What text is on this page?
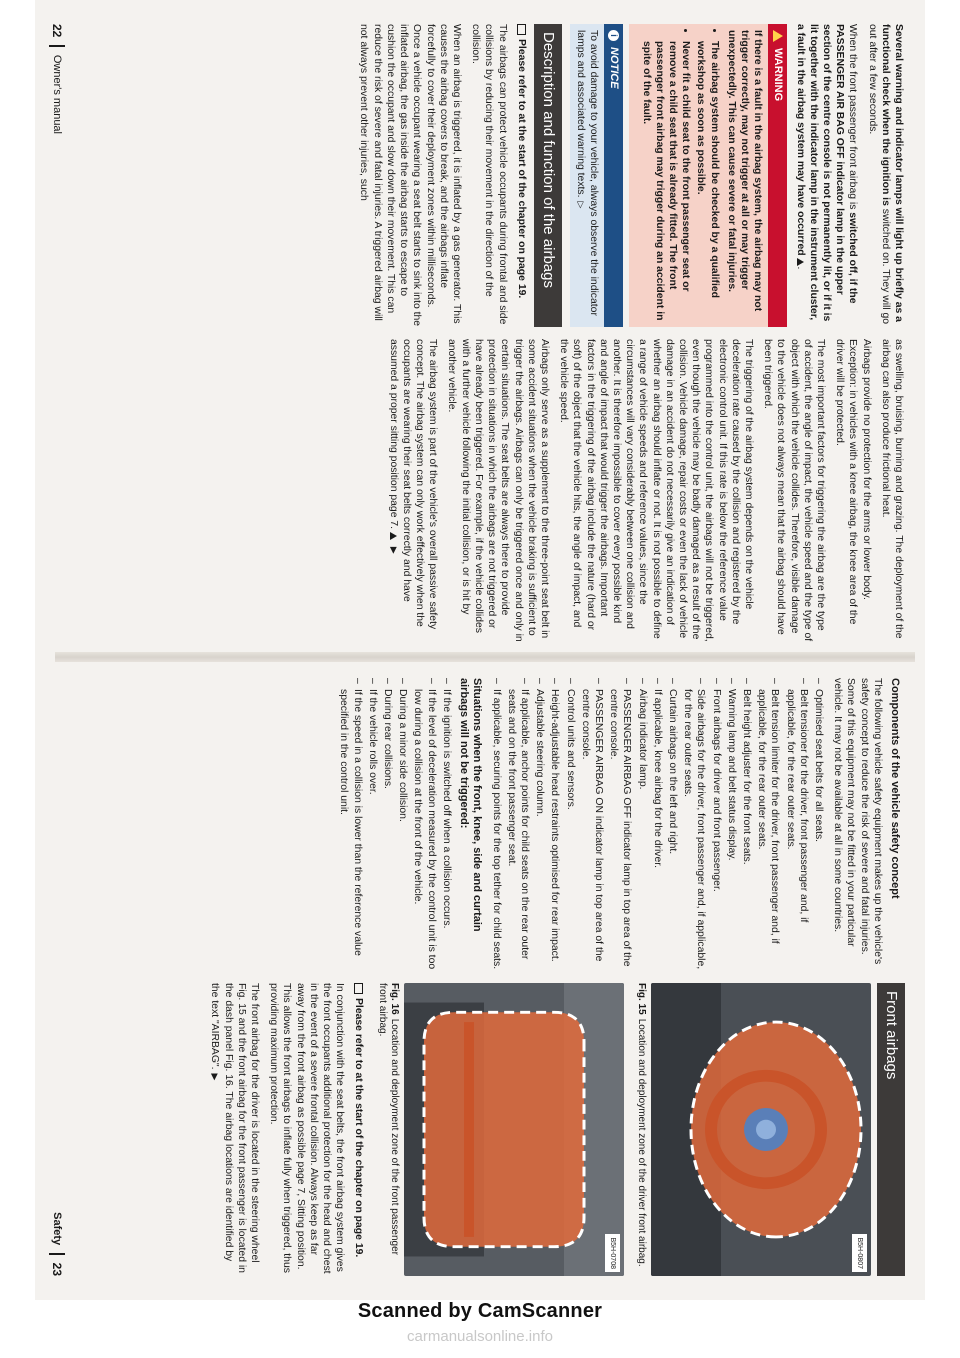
Several warning and indicator lamps will light up briefly as a functional check when the ignition is switched on. They will go out after a few seconds.

When the front passenger front airbag is switched off, if the PASSENGER AIR BAG OFF indicator lamp in the upper section of the centre console is not permanently lit, or if it is lit together with the indicator lamp in the instrument cluster, a fault in the airbag system may have occurred .

WARNING

If there is a fault in the airbag system, the airbag may not trigger correctly, may not trigger at all or may trigger unexpectedly. This can cause severe or fatal injuries.

• The airbag system should be checked by a qualified workshop as soon as possible.
• Never fit a child seat to the front passenger seat or remove a child seat that is already fitted. The front passenger front airbag may trigger during an accident in spite of the fault.
i
NOTICE

To avoid damage to your vehicle, always observe the indicator lamps and associated warning texts.▷

Description and function of the airbags

Please refer to at the start of the chapter on page 19.

The airbags can protect vehicle occupants during frontal and side collisions by reducing their movement in the direction of the collision.

When an airbag is triggered, it is inflated by a gas generator. This causes the airbag covers to break, and the airbags inflate forcefully to cover their deployment zones within milliseconds. Once a vehicle occupant wearing a seat belt starts to sink into the inflated airbag, the gas inside the airbag starts to escape to cushion the occupant and slow down their movement. This can reduce the risk of severe and fatal injuries. A triggered airbag will not always prevent other injuries, such

as swelling, bruising, burning and grazing. The deployment of the airbag can also produce frictional heat.

Airbags provide no protection for the arms or lower body. Exception: in vehicles with a knee airbag, the knee area of the driver will be protected.

The most important factors for triggering the airbag are the type of accident, the angle of impact, the vehicle speed and the type of object with which the vehicle collides. Therefore, visible damage to the vehicle does not always mean that the airbag should have been triggered.

The triggering of the airbag system depends on the vehicle deceleration rate caused by the collision and registered by the electronic control unit. If this rate is below the reference value programmed into the control unit, the airbags will not be triggered, even though the vehicle may be badly damaged as a result of the collision. Vehicle damage, repair costs or even the lack of vehicle damage in an accident do not necessarily give an indication of whether an airbag should inflate or not. It is not possible to define a range of vehicle speeds and reference values, since the circumstances will vary considerably between one collision and another. It is therefore impossible to cover every possible kind and angle of impact that would trigger the airbags. Important factors in the triggering of the airbag include the nature (hard or soft) of the object that the vehicle hits, the angle of impact, and the vehicle speed.

Airbags only serve as a supplement to the three-point seat belt in some accident situations when the vehicle braking is sufficient to trigger the airbags. Airbags can only be triggered once and only in certain situations. The seat belts are always there to provide protection in situations in which the airbags are not triggered or have already been triggered. For example, if the vehicle collides with a further vehicle following the initial collision, or is hit by another vehicle.

The airbag system is part of the vehicle's overall passive safety concept. The airbag system can only work effectively when the occupants are wearing their seat belts correctly and have assumed a proper sitting position page 7.  ▶

22
Owner's manual
Components of the vehicle safety concept

The following vehicle safety equipment makes up the vehicle's safety concept to reduce the risk of severe and fatal injuries. Some of this equipment may not be fitted in your particular vehicle. It may not be available at all in some countries.

– Optimised seat belts for all seats.
– Belt tensioner for the driver, front passenger and, if applicable, for the rear outer seats.
– Belt tension limiter for the driver, front passenger and, if applicable, for the rear outer seats.
– Belt height adjuster for the front seats.
– Warning lamp and belt status display.
– Front airbags for driver and front passenger.
– Side airbags for the driver, front passenger and, if applicable, for the rear outer seats.
– Curtain airbags on the left and right.
– If applicable, knee airbag for the driver.
– Airbag indicator lamp.
– PASSENGER AIRBAG OFF indicator lamp in top area of the centre console.
– PASSENGER AIRBAG ON indicator lamp in top area of the centre console.
– Control units and sensors.
– Height-adjustable head restraints optimised for rear impact.
– Adjustable steering column.
– If applicable, anchor points for child seats on the rear outer seats and on the front passenger seat.
– If applicable, securing points for the top tether for child seats.
Situations when the front, knee, side and curtain airbags will not be triggered:
– If the ignition is switched off when a collision occurs.
– If the level of deceleration measured by the control unit is too low during a collision at the front of the vehicle.
– During a minor side collision.
– During rear collisions.
– If the vehicle rolls over.
– If the speed in a collision is lower than the reference value specified in the control unit.
Front airbags
B5H-0807
Fig. 15Location and deployment zone of the driver front airbag.
B5H-0708
Fig. 16Location and deployment zone of the front passenger front airbag.

Please refer to at the start of the chapter on page 19.

In conjunction with the seat belts, the front airbag system gives the front occupants additional protection for the head and chest in the event of a severe frontal collision. Always keep as far away from the front airbag as possible page 7, Sitting position. This allows the front airbags to inflate fully when triggered, thus providing maximum protection.

The front airbag for the driver is located in the steering wheel Fig. 15 and the front airbag for the front passenger is located in the dash panel Fig. 16. The airbag locations are identified by the text "AIRBAG".▶

Safety
23
Scanned by CamScanner
carmanualsonline.info
